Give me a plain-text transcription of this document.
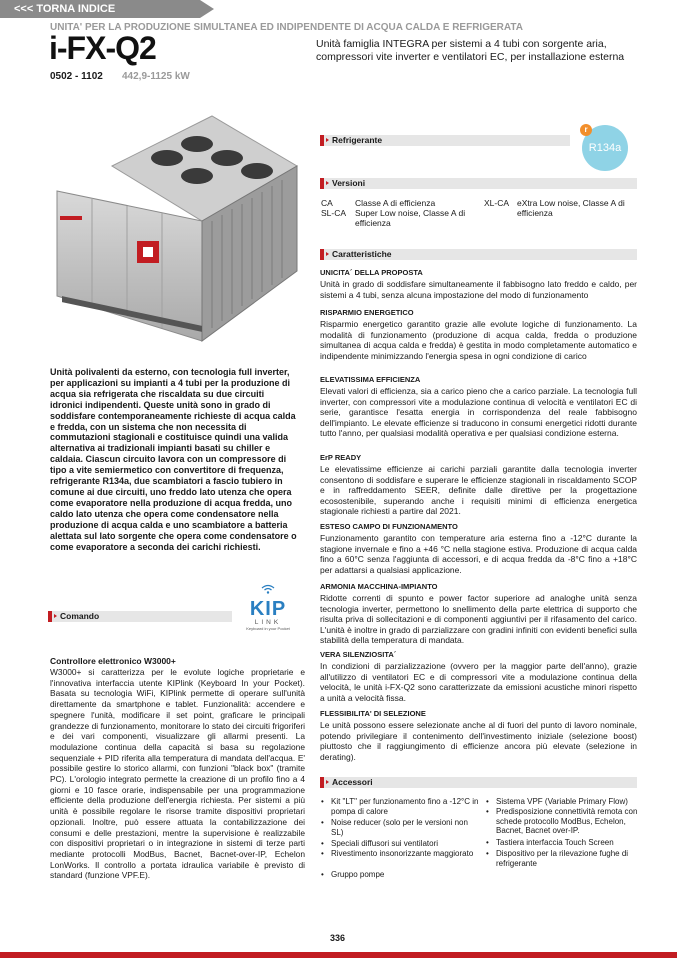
<<< TORNA INDICE
UNITA' PER LA PRODUZIONE SIMULTANEA ED INDIPENDENTE DI ACQUA CALDA E REFRIGERATA
i-FX-Q2
0502 - 1102 442,9-1125 kW
Unità famiglia INTEGRA per sistemi a 4 tubi con sorgente aria, compressori vite inverter e ventilatori EC, per installazione esterna
Refrigerante
r
R134a
Versioni
CA	Classe A di efficienza
SL-CA Super Low noise, Classe A di efficienza
XL-CA eXtra Low noise, Classe A di efficienza
Caratteristiche
UNICITA´ DELLA PROPOSTA
Unità in grado di soddisfare simultaneamente il fabbisogno lato freddo e caldo, per sistemi a 4 tubi, senza alcuna impostazione del modo di funzionamento
RISPARMIO ENERGETICO
Risparmio energetico garantito grazie alle evolute logiche di funzionamento. La modalità di funzionamento (produzione di acqua calda, fredda o produzione simultanea di acqua calda e fredda) è gestita in modo completamente automatico e indipendente minimizzando l'energia spesa in ogni condizione di carico
ELEVATISSIMA EFFICIENZA
Elevati valori di efficienza, sia a carico pieno che a carico parziale. La tecnologia full inverter, con compressori vite a modulazione continua di velocità e ventilatori EC di serie, garantisce l'esatta energia in corrispondenza del reale fabbisogno dell'impianto. Le elevate efficienze si traducono in consumi energetici ridotti durante tutto l'anno, per qualsiasi modalità operativa e per qualsiasi condizione esterna.
ErP READY
Le elevatissime efficienze ai carichi parziali garantite dalla tecnologia inverter consentono di soddisfare e superare le efficienze stagionali in riscaldamento SCOP e in raffreddamento SEER, definite dalle direttive per la progettazione ecosostenibile, superando anche i requisiti minimi di efficienza energetica stagionale richiesti a partire dal 2021.
ESTESO CAMPO DI FUNZIONAMENTO
Funzionamento garantito con temperature aria esterna fino a -12°C durante la stagione invernale e fino a +46 °C nella stagione estiva. Produzione di acqua calda fino a 60°C senza l'aggiunta di accessori, e di acqua fredda da -8°C fino a +18°C per adattarsi a qualsiasi applicazione.
ARMONIA MACCHINA-IMPIANTO
Ridotte correnti di spunto e power factor superiore ad analoghe unità senza tecnologia inverter, permettono lo snellimento della parte elettrica di supporto che risulta priva di sollecitazioni e di componenti aggiuntivi per il rifasamento del carico. L'unità è inoltre in grado di parzializzare con gradini infiniti con evidenti benefici sulla stabilità della temperatura di mandata.
VERA SILENZIOSITA´
In condizioni di parzializzazione (ovvero per la maggior parte dell'anno), grazie all'utilizzo di ventilatori EC e di compressori vite a modulazione continua della velocità, le unità i-FX-Q2 sono caratterizzate da emissioni acustiche minori rispetto a unità a velocità fissa.
FLESSIBILITA' DI SELEZIONE
Le unità possono essere selezionate anche al di fuori del punto di lavoro nominale, potendo privilegiare il contenimento dell'investimento iniziale (selezione boost) piuttosto che il raggiungimento di efficienze ancora più elevate (selezione in derating).
Accessori
• Kit "LT" per funzionamento fino a -12°C in pompa di calore
• Noise reducer (solo per le versioni non SL)
• Speciali diffusori sui ventilatori
• Rivestimento insonorizzante maggiorato
• Gruppo pompe
• Sistema VPF (Variable Primary Flow)
• Predisposizione connettività remota con schede protocollo ModBus, Echelon, Bacnet, Bacnet over-IP.
• Tastiera interfaccia Touch Screen
• Dispositivo per la rilevazione fughe di refrigerante
Unità polivalenti da esterno, con tecnologia full inverter, per applicazioni su impianti a 4 tubi per la produzione di acqua sia refrigerata che riscaldata su due circuiti idronici indipendenti. Queste unità sono in grado di soddisfare contemporaneamente richieste di acqua calda e fredda, con un sistema che non necessita di commutazioni stagionali e costituisce quindi una valida alternativa ai tradizionali impianti basati su chiller e caldaia. Ciascun circuito lavora con un compressore di tipo a vite semiermetico con convertitore di frequenza, refrigerante R134a, due scambiatori a fascio tubiero in comune ai due circuiti, uno freddo lato utenza che opera come evaporatore nella produzione di acqua fredda, uno caldo lato utenza che opera come condensatore nella produzione di acqua calda e uno scambiatore a batteria alettata sul lato sorgente che opera come condensatore o come evaporatore a seconda dei carichi richiesti.
Comando	KIP
LINK
Keyboard in your Pocket
Controllore elettronico W3000+
W3000+ si caratterizza per le evolute logiche proprietarie e l'innovativa interfaccia utente KIPlink (Keyboard In your Pocket). Basata su tecnologia WiFi, KIPlink permette di operare sull'unità direttamente da smartphone e tablet. Funzionalità: accendere e spegnere l'unità, modificare il set point, graficare le principali grandezze di funzionamento, monitorare lo stato dei circuiti frigoriferi e dei vari componenti, visualizzare gli allarmi presenti. La modulazione continua della capacità si basa su regolazione sequenziale + PID riferita alla temperatura di mandata dell'acqua. E' possibile gestire lo storico allarmi, con funzioni "black box" (tramite PC). L'orologio integrato permette la creazione di un profilo fino a 4 giorni e 10 fasce orarie, indispensabile per una programmazione efficiente della produzione dell'energia richiesta. Per sistemi a più unità è possibile regolare le risorse tramite dispositivi proprietari opzionali. Inoltre, può essere attuata la contabilizzazione dei consumi e delle prestazioni, mentre la supervisione è realizzabile con dispositivi proprietari o in integrazione in sistemi di terze parti mediante protocolli ModBus, Bacnet, Bacnet-over-IP, Echelon LonWorks. Il controllo a portata idraulica variabile è previsto di standard (funzione VPF.E).
336
